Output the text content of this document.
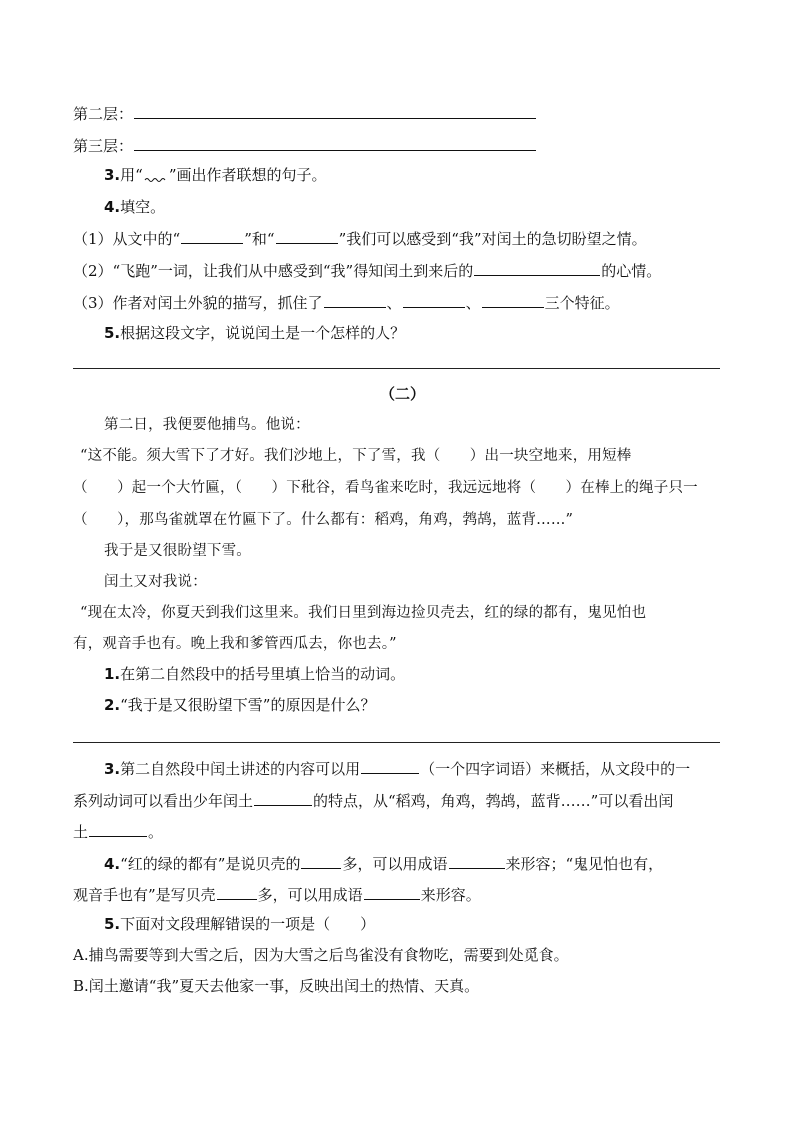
第二层：
第三层：
3.用“ ”画出作者联想的句子。
4.填空。
（1）从文中的“	”和“	”我们可以感受到“我”对闰土的急切盼望之情。
（2）“飞跑”一词，让我们从中感受到“我”得知闰土到来后的	的心情。
（3）作者对闰土外貌的描写，抓住了	、	、	三个特征。
5.根据这段文字，说说闰土是一个怎样的人？
（二）
第二日，我便要他捕鸟。他说：
“这不能。须大雪下了才好。我们沙地上，下了雪，我（　　）出一块空地来，用短棒
（　　）起一个大竹匾，（　　）下秕谷，看鸟雀来吃时，我远远地将（　　）在棒上的绳子只一
（　　），那鸟雀就罩在竹匾下了。什么都有：稻鸡，角鸡，鹁鸪，蓝背……”
我于是又很盼望下雪。
闰土又对我说：
“现在太冷，你夏天到我们这里来。我们日里到海边捡贝壳去，红的绿的都有，鬼见怕也
有，观音手也有。晚上我和爹管西瓜去，你也去。”
1.在第二自然段中的括号里填上恰当的动词。
2.“我于是又很盼望下雪”的原因是什么？
3.第二自然段中闰土讲述的内容可以用	（一个四字词语）来概括，从文段中的一
系列动词可以看出少年闰土	的特点，从“稻鸡，角鸡，鹁鸪，蓝背……”可以看出闰
土	。
4.“红的绿的都有”是说贝壳的	多，可以用成语	来形容；“鬼见怕也有，
观音手也有”是写贝壳	多，可以用成语	来形容。
5.下面对文段理解错误的一项是（　　）
A.捕鸟需要等到大雪之后，因为大雪之后鸟雀没有食物吃，需要到处觅食。
B.闰土邀请“我”夏天去他家一事，反映出闰土的热情、天真。
